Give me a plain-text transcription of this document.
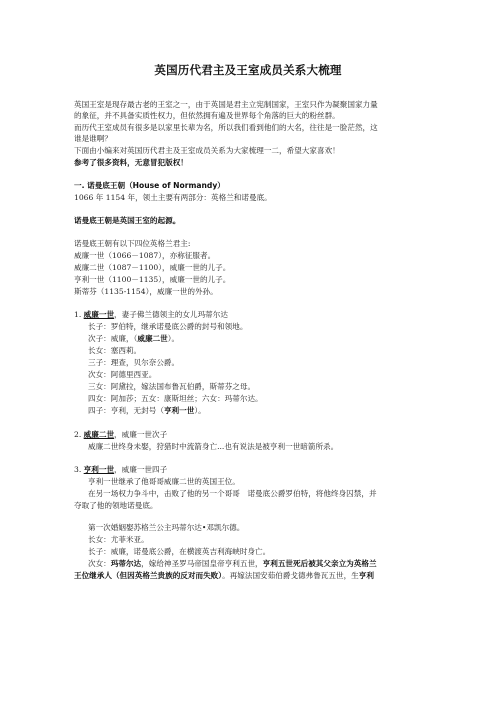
英国历代君主及王室成员关系大梳理
英国王室是现存最古老的王室之一，由于英国是君主立宪制国家，王室只作为凝聚国家力量
的象征，并不具备实质性权力，但依然拥有遍及世界每个角落的巨大的粉丝群。
而历代王室成员有很多是以家里长辈为名，所以我们看到他们的大名，往往是一脸茫然，这
谁是谁啊？
下面由小编来对英国历代君主及王室成员关系为大家梳理一二，希望大家喜欢！
参考了很多资料，无意冒犯版权！
一. 诺曼底王朝（House of Normandy）
1066 年 1154 年，领土主要有两部分：英格兰和诺曼底。
诺曼底王朝是英国王室的起源。
诺曼底王朝有以下四位英格兰君主:
威廉一世（1066－1087），亦称征服者。
威廉二世（1087－1100），威廉一世的儿子。
亨利一世（1100－1135），威廉一世的儿子。
斯蒂芬（1135-1154），威廉一世的外孙。
1. 威廉一世，妻子佛兰德领主的女儿玛蒂尔达
长子：罗伯特，继承诺曼底公爵的封号和领地。
次子：威廉，（威廉二世）。
长女：塞西莉。
三子：理查，贝尔奈公爵。
次女：阿德里西亚。
三女：阿黛拉，嫁法国布鲁瓦伯爵，斯蒂芬之母。
四女：阿加莎；五女：康斯坦丝；六女：玛蒂尔达。
四子：亨利，无封号（亨利一世）。
2. 威廉二世，威廉一世次子
威廉二世终身未娶，狩猎时中流箭身亡...也有说法是被亨利一世暗箭所杀。
3. 亨利一世，威廉一世四子
亨利一世继承了他哥哥威廉二世的英国王位。
在另一场权力争斗中，击败了他的另一个哥哥　诺曼底公爵罗伯特，将他终身囚禁，并
夺取了他的领地诺曼底。
第一次婚姻娶苏格兰公主玛蒂尔达•邓凯尔德。
长女：尤菲米亚。
长子：威廉，诺曼底公爵，在横渡英吉利海峡时身亡。
次女：玛蒂尔达，嫁给神圣罗马帝国皇帝亨利五世，亨利五世死后被其父亲立为英格兰
王位继承人（但因英格兰贵族的反对而失败）。再嫁法国安茹伯爵戈德弗鲁瓦五世，生亨利
